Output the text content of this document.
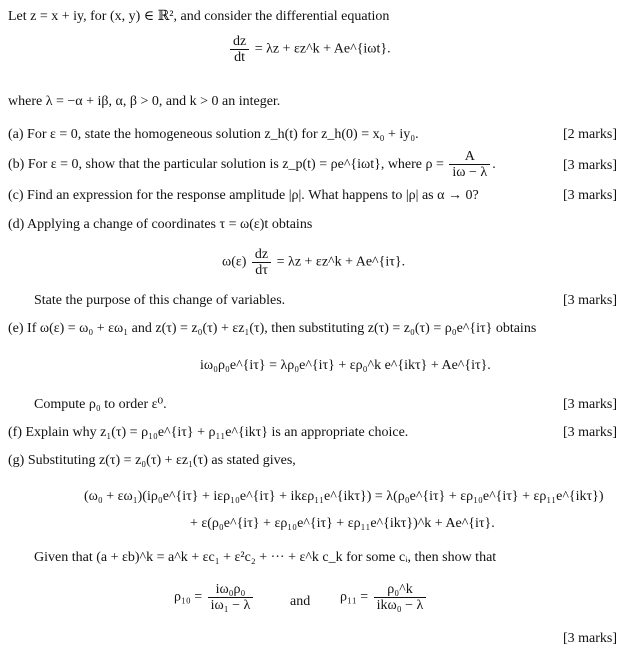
Let z = x + iy, for (x, y) ∈ ℝ², and consider the differential equation
$\frac{dz}{dt} = \lambda z$ + εz^k + Ae^{iωt}.
where λ = −α + iβ, α, β > 0, and k > 0 an integer.
(a) For ε = 0, state the homogeneous solution z_h(t) for z_h(0) = x₀ + iy₀.	[2 marks]
(b) For ε = 0, show that the particular solution is z_p(t) = ρe^{iωt}, where $\rho = \frac{A}{i\omega - \lambda}$ .	[3 marks]
(c) Find an expression for the response amplitude |ρ|. What happens to |ρ| as α → 0?	[3 marks]
(d) Applying a change of coordinates τ = ω(ε)t obtains
$\omega(\varepsilon) \frac{dz}{d\tau} = \lambda z$ + εz^k + Ae^{iτ}.
State the purpose of this change of variables.	[3 marks]
(e) If ω(ε) = ω₀ + εω₁ and z(τ) = z₀(τ) + εz₁(τ), then substituting z(τ) = z₀(τ) = ρ₀e^{iτ} obtains
iω₀ρ₀e^{iτ} = λρ₀e^{iτ} + ερ₀^k e^{ikτ} + Ae^{iτ}.
Compute ρ₀ to order ε⁰.	[3 marks]
(f) Explain why z₁(τ) = ρ₁₀e^{iτ} + ρ₁₁e^{ikτ} is an appropriate choice.	[3 marks]
(g) Substituting z(τ) = z₀(τ) + εz₁(τ) as stated gives,
(ω₀ + εω₁)(iρ₀e^{iτ} + iερ₁₀e^{iτ} + ikερ₁₁e^{ikτ}) = λ(ρ₀e^{iτ} + ερ₁₀e^{iτ} + ερ₁₁e^{ikτ})
+ ε(ρ₀e^{iτ} + ερ₁₀e^{iτ} + ερ₁₁e^{ikτ})^k + Ae^{iτ}.
Given that (a + εb)^k = a^k + εc₁ + ε²c₂ + ··· + ε^k c_k for some cᵢ, then show that
$\rho_{10} = \frac{\text{iω₀ρ₀}}{\text{iω₁ − λ}}$	and $\rho_{11} = \frac{\text{ρ₀\textasciicircum{}k}}{\text{ikω₀ − λ}}$
[3 marks]
